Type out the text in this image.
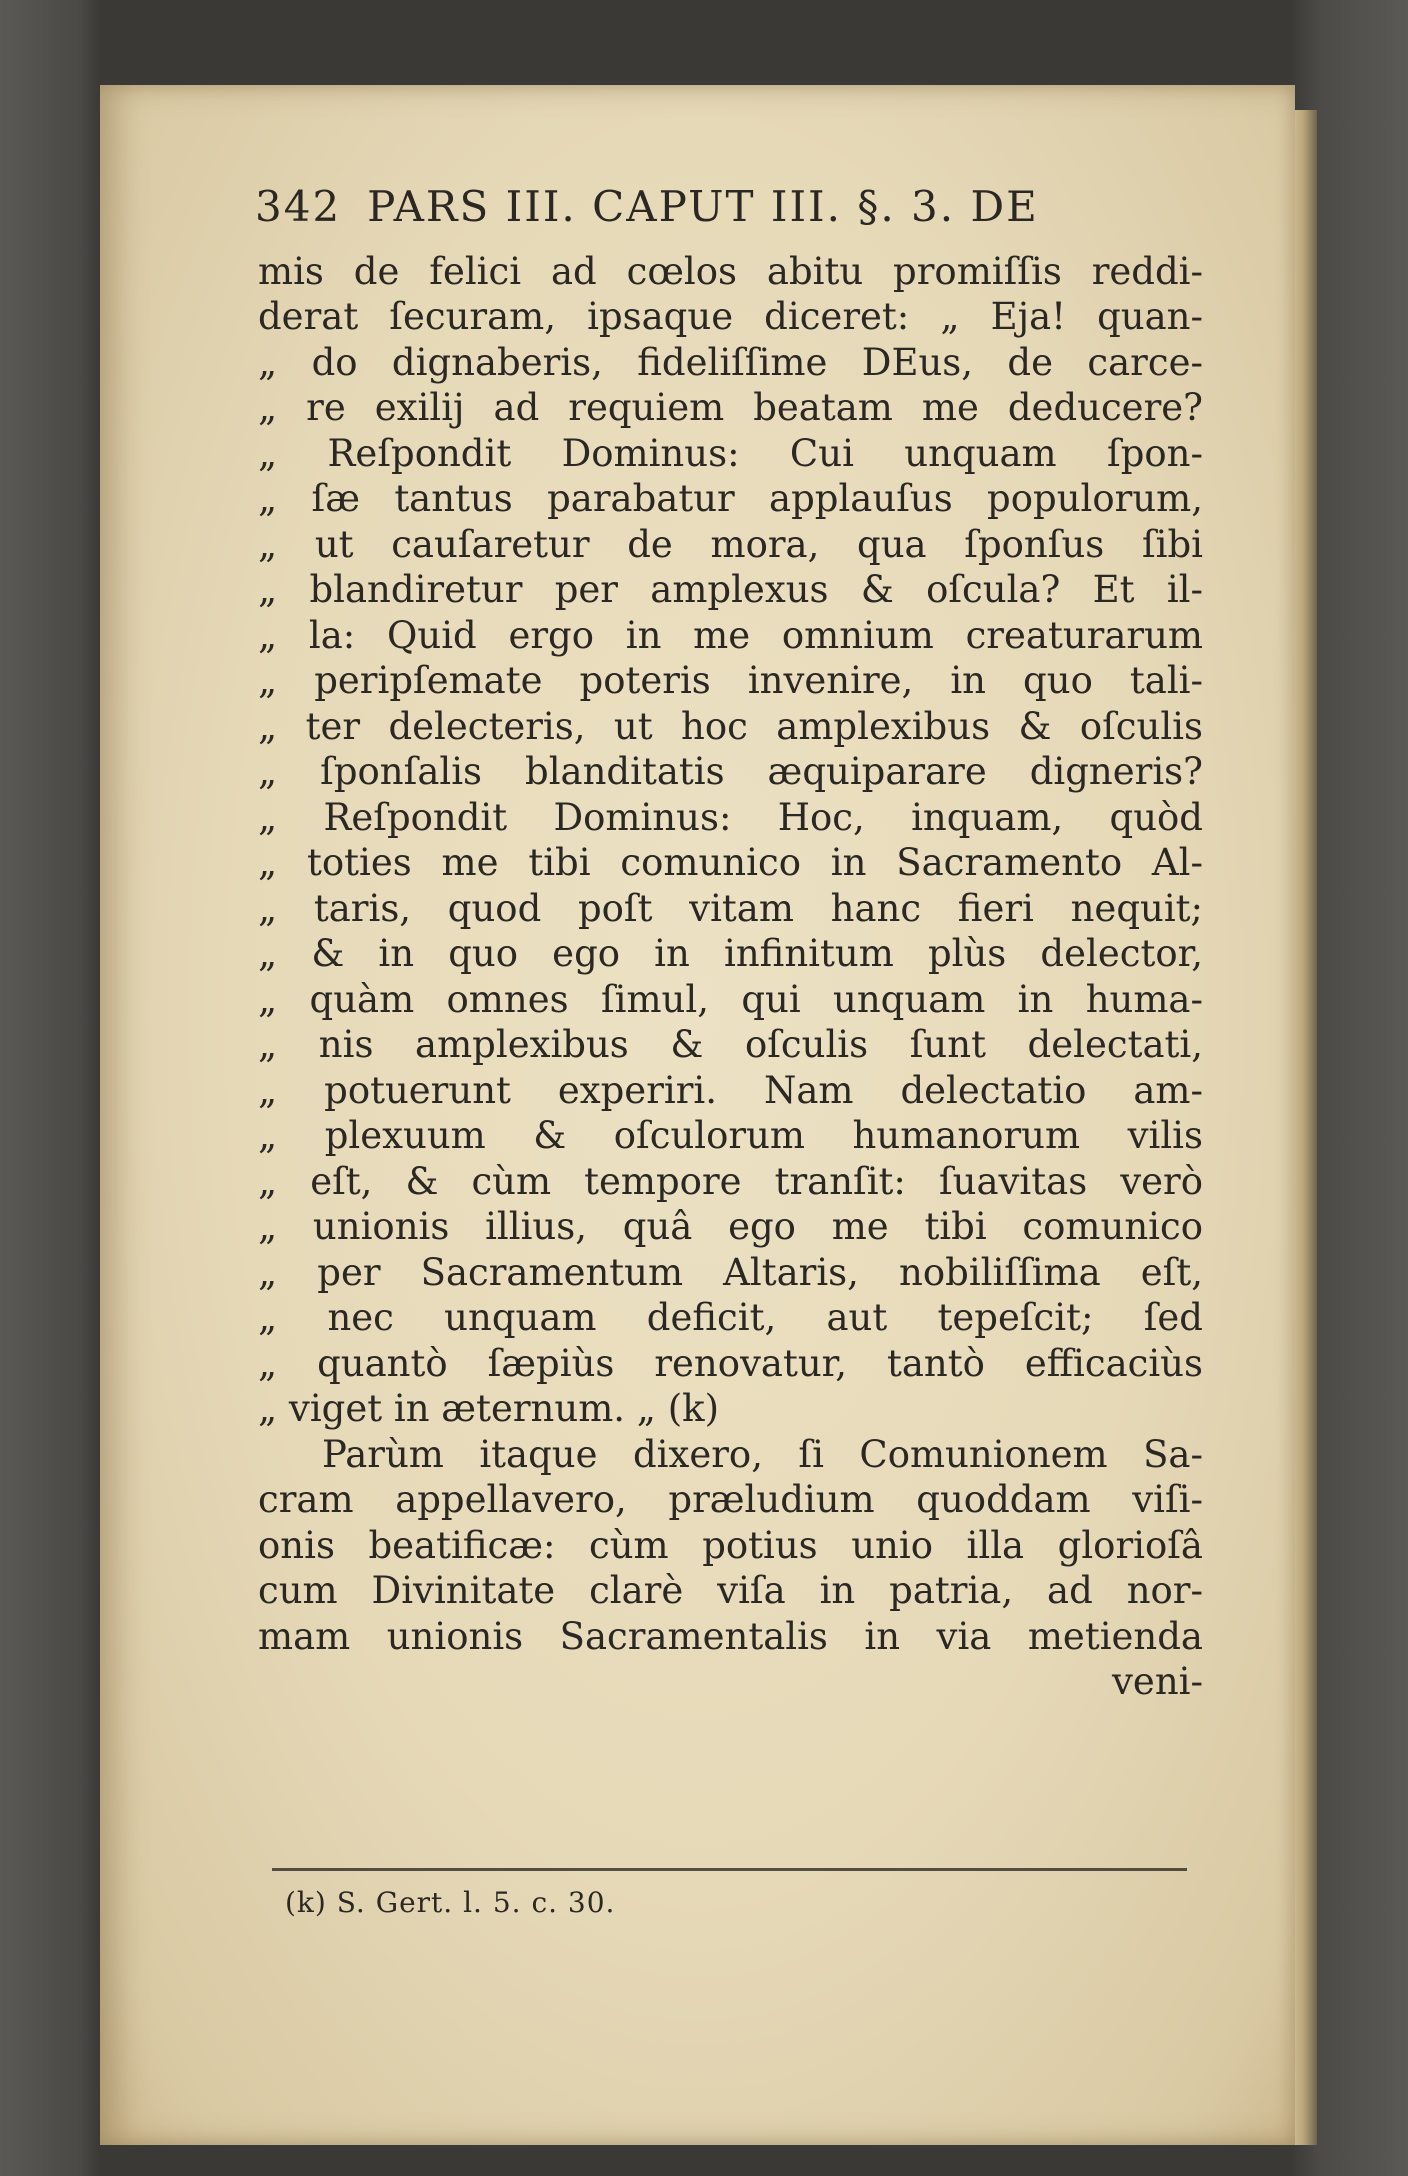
342 PARS III. CAPUT III. §. 3. DE
mis de felici ad cœlos abitu promiſſis reddi-
derat ſecuram, ipsaque diceret: „ Eja! quan-
„ do dignaberis, fideliſſime DEus, de carce-
„ re exilij ad requiem beatam me deducere?
„ Reſpondit Dominus: Cui unquam ſpon-
„ ſæ tantus parabatur applauſus populorum,
„ ut cauſaretur de mora, qua ſponſus ſibi
„ blandiretur per amplexus & oſcula? Et il-
„ la: Quid ergo in me omnium creaturarum
„ peripſemate poteris invenire, in quo tali-
„ ter delecteris, ut hoc amplexibus & oſculis
„ ſponſalis blanditatis æquiparare digneris?
„ Reſpondit Dominus: Hoc, inquam, quòd
„ toties me tibi comunico in Sacramento Al-
„ taris, quod poſt vitam hanc fieri nequit;
„ & in quo ego in infinitum plùs delector,
„ quàm omnes ſimul, qui unquam in huma-
„ nis amplexibus & oſculis ſunt delectati,
„ potuerunt experiri. Nam delectatio am-
„ plexuum & oſculorum humanorum vilis
„ eſt, & cùm tempore tranſit: ſuavitas verò
„ unionis illius, quâ ego me tibi comunico
„ per Sacramentum Altaris, nobiliſſima eſt,
„ nec unquam deficit, aut tepeſcit; ſed
„ quantò ſæpiùs renovatur, tantò efficaciùs
„ viget in æternum. „ (k)
Parùm itaque dixero, ſi Comunionem Sa-
cram appellavero, præludium quoddam viſi-
onis beatificæ: cùm potius unio illa glorioſâ
cum Divinitate clarè viſa in patria, ad nor-
mam unionis Sacramentalis in via metienda
veni-
(k) S. Gert. l. 5. c. 30.
